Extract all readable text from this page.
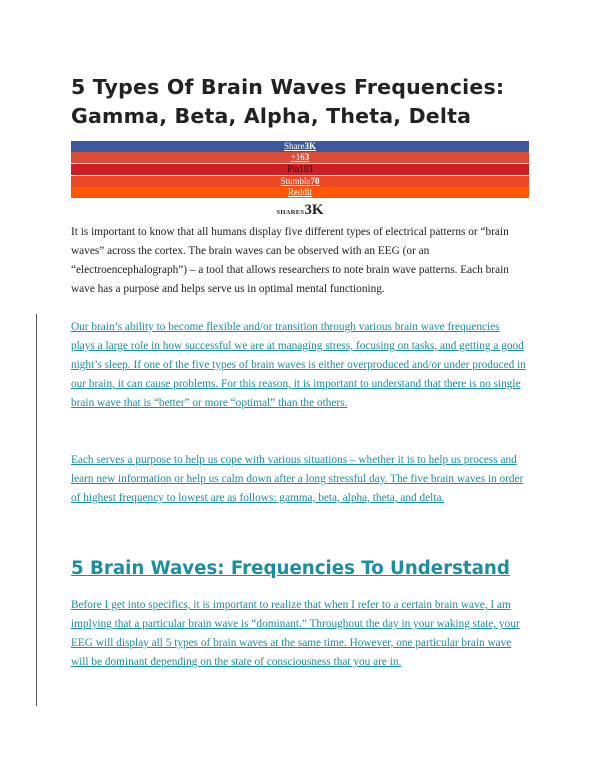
5 Types Of Brain Waves Frequencies: Gamma, Beta, Alpha, Theta, Delta
Share3K
+163
Pin193
Stumble70
Reddit
SHARES3K

It is important to know that all humans display five different types of electrical patterns or “brain waves” across the cortex. The brain waves can be observed with an EEG (or an “electroencephalograph”) – a tool that allows researchers to note brain wave patterns. Each brain wave has a purpose and helps serve us in optimal mental functioning.

Our brain’s ability to become flexible and/or transition through various brain wave frequencies plays a large role in how successful we are at managing stress, focusing on tasks, and getting a good night’s sleep. If one of the five types of brain waves is either overproduced and/or under produced in our brain, it can cause problems. For this reason, it is important to understand that there is no single brain wave that is “better” or more “optimal” than the others.

Each serves a purpose to help us cope with various situations – whether it is to help us process and learn new information or help us calm down after a long stressful day. The five brain waves in order of highest frequency to lowest are as follows: gamma, beta, alpha, theta, and delta.

5 Brain Waves: Frequencies To Understand

Before I get into specifics, it is important to realize that when I refer to a certain brain wave, I am implying that a particular brain wave is “dominant.” Throughout the day in your waking state, your EEG will display all 5 types of brain waves at the same time. However, one particular brain wave will be dominant depending on the state of consciousness that you are in.
